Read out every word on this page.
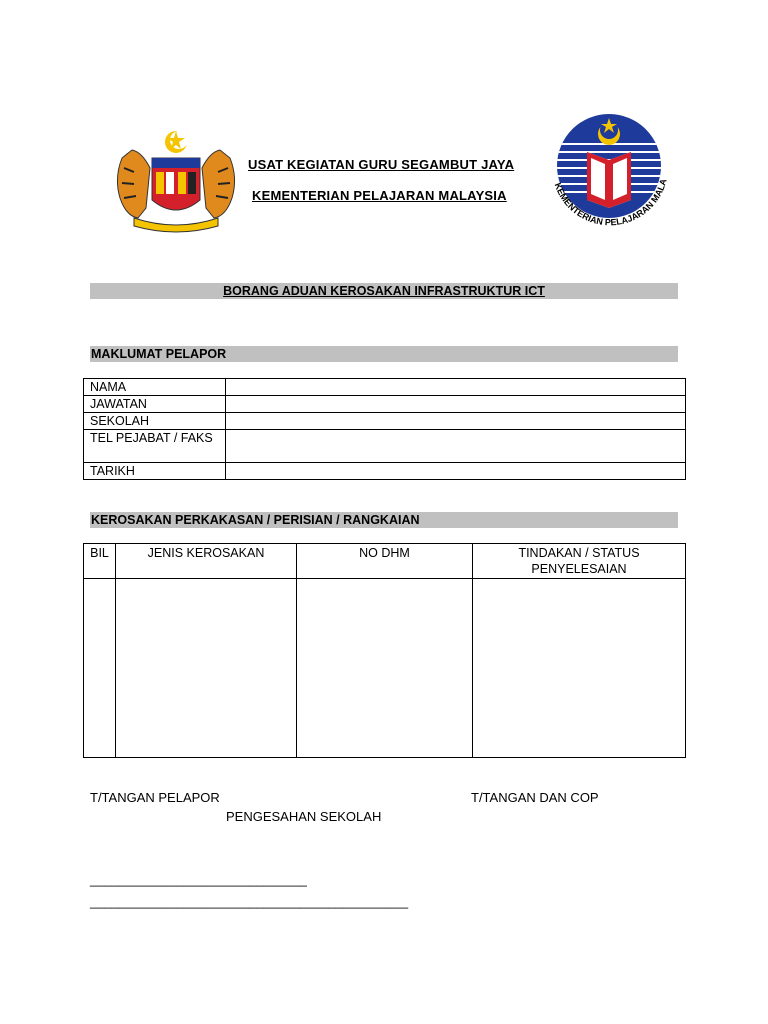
USAT KEGIATAN GURU SEGAMBUT JAYA
KEMENTERIAN PELAJARAN MALAYSIA
KEMENTERIAN PELAJARAN MALA
BORANG ADUAN KEROSAKAN INFRASTRUKTUR ICT
MAKLUMAT PELAPOR
NAMA	
JAWATAN	
SEKOLAH	
TEL PEJABAT / FAKS	
TARIKH	
KEROSAKAN PERKAKASAN / PERISIAN / RANGKAIAN
BIL	JENIS KEROSAKAN	NO DHM	TINDAKAN / STATUS PENYELESAIAN

T/TANGAN PELAPOR	T/TANGAN DAN COP
PENGESAHAN SEKOLAH
______________________________
____________________________________________
